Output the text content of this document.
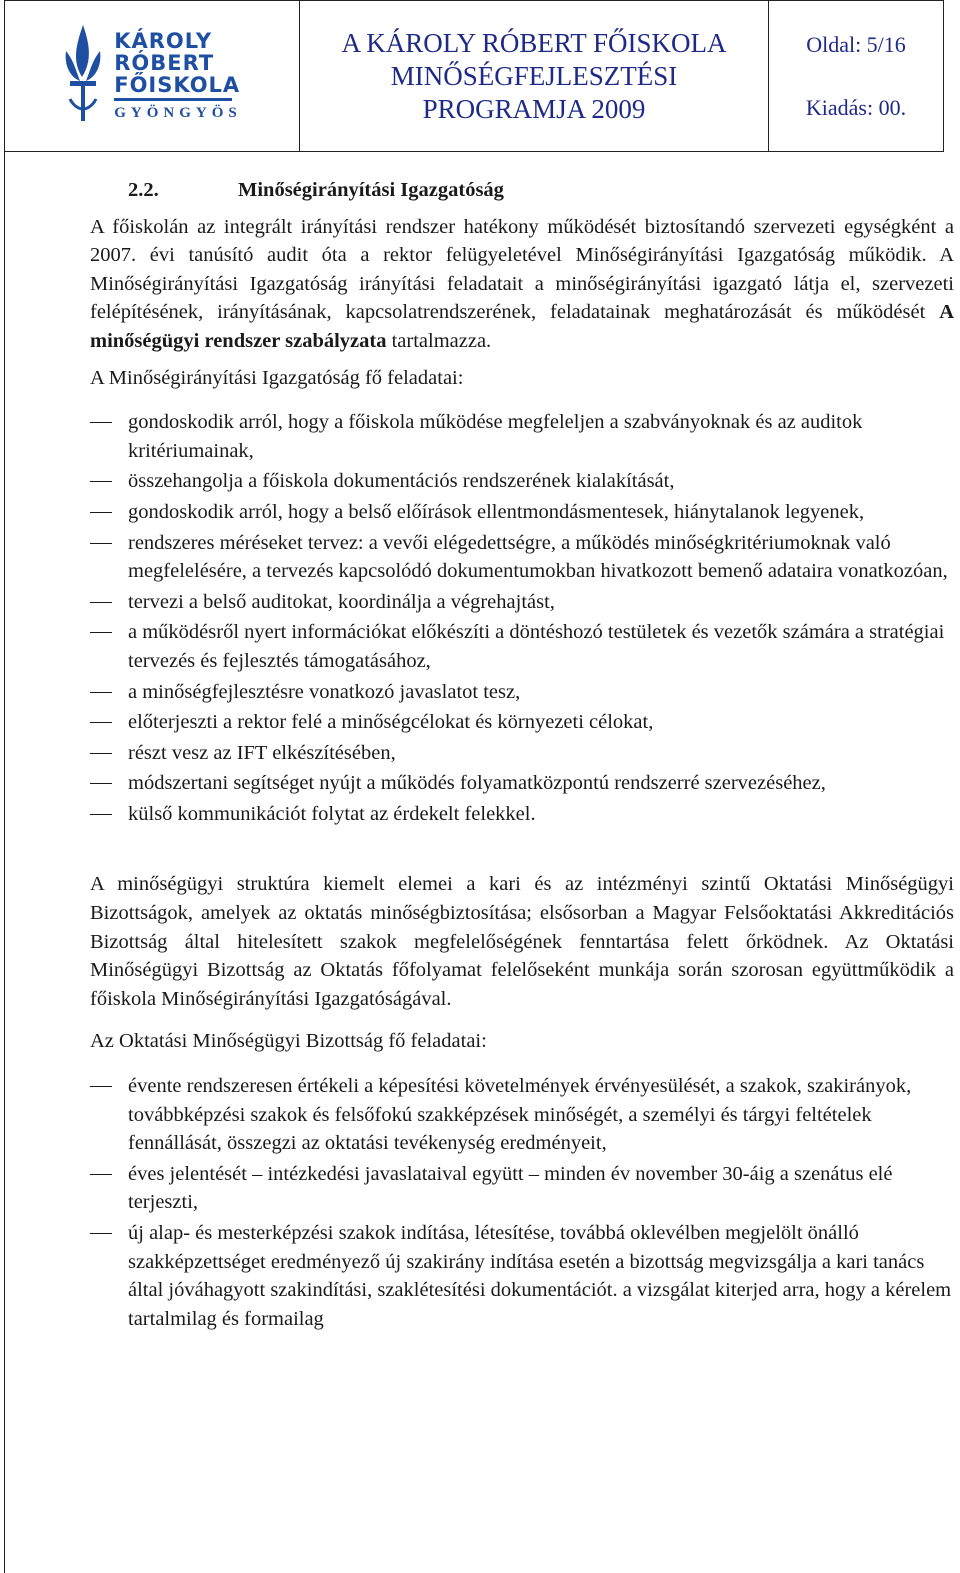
KÁROLY
RÓBERT
FŐISKOLA
GYÖNGYÖS
A KÁROLY RÓBERT FŐISKOLA
MINŐSÉGFEJLESZTÉSI
PROGRAMJA 2009
Oldal: 5/16
Kiadás: 00.
2.2.	Minőségirányítási Igazgatóság

A főiskolán az integrált irányítási rendszer hatékony működését biztosítandó szervezeti egységként a 2007. évi tanúsító audit óta a rektor felügyeletével Minőségirányítási Igazgatóság működik. A Minőségirányítási Igazgatóság irányítási feladatait a minőségirányítási igazgató látja el, szervezeti felépítésének, irányításának, kapcsolatrendszerének, feladatainak meghatározását és működését A minőségügyi rendszer szabályzata tartalmazza.

A Minőségirányítási Igazgatóság fő feladatai:

gondoskodik arról, hogy a főiskola működése megfeleljen a szabványoknak és az auditok kritériumainak,
összehangolja a főiskola dokumentációs rendszerének kialakítását,
gondoskodik arról, hogy a belső előírások ellentmondásmentesek, hiánytalanok legyenek,
rendszeres méréseket tervez: a vevői elégedettségre, a működés minőségkritériumoknak való megfelelésére, a tervezés kapcsolódó dokumentumokban hivatkozott bemenő adataira vonatkozóan,
tervezi a belső auditokat, koordinálja a végrehajtást,
a működésről nyert információkat előkészíti a döntéshozó testületek és vezetők számára a stratégiai tervezés és fejlesztés támogatásához,
a minőségfejlesztésre vonatkozó javaslatot tesz,
előterjeszti a rektor felé a minőségcélokat és környezeti célokat,
részt vesz az IFT elkészítésében,
módszertani segítséget nyújt a működés folyamatközpontú rendszerré szervezéséhez,
külső kommunikációt folytat az érdekelt felekkel.

A minőségügyi struktúra kiemelt elemei a kari és az intézményi szintű Oktatási Minőségügyi Bizottságok, amelyek az oktatás minőségbiztosítása; elsősorban a Magyar Felsőoktatási Akkreditációs Bizottság által hitelesített szakok megfelelőségének fenntartása felett őrködnek. Az Oktatási Minőségügyi Bizottság az Oktatás főfolyamat felelőseként munkája során szorosan együttműködik a főiskola Minőségirányítási Igazgatóságával.

Az Oktatási Minőségügyi Bizottság fő feladatai:

évente rendszeresen értékeli a képesítési követelmények érvényesülését, a szakok, szakirányok, továbbképzési szakok és felsőfokú szakképzések minőségét, a személyi és tárgyi feltételek fennállását, összegzi az oktatási tevékenység eredményeit,
éves jelentését – intézkedési javaslataival együtt – minden év november 30-áig a szenátus elé terjeszti,
új alap- és mesterképzési szakok indítása, létesítése, továbbá oklevélben megjelölt önálló szakképzettséget eredményező új szakirány indítása esetén a bizottság megvizsgálja a kari tanács által jóváhagyott szakindítási, szaklétesítési dokumentációt. a vizsgálat kiterjed arra, hogy a kérelem tartalmilag és formailag
